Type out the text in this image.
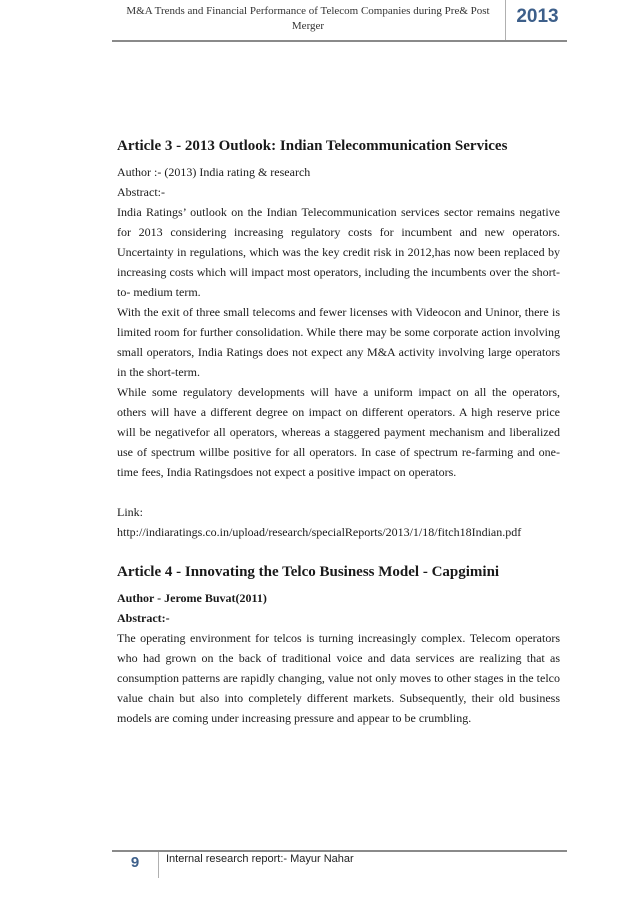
M&A Trends and Financial Performance of Telecom Companies during Pre& Post Merger	2013
Article 3 - 2013 Outlook: Indian Telecommunication Services

Author :- (2013) India rating & research

Abstract:-

India Ratings’ outlook on the Indian Telecommunication services sector remains negative for 2013 considering increasing regulatory costs for incumbent and new operators. Uncertainty in regulations, which was the key credit risk in 2012,has now been replaced by increasing costs which will impact most operators, including the incumbents over the short-to- medium term.

With the exit of three small telecoms and fewer licenses with Videocon and Uninor, there is limited room for further consolidation. While there may be some corporate action involving small operators, India Ratings does not expect any M&A activity involving large operators in the short-term.

While some regulatory developments will have a uniform impact on all the operators, others will have a different degree on impact on different operators. A high reserve price will be negativefor all operators, whereas a staggered payment mechanism and liberalized use of spectrum willbe positive for all operators. In case of spectrum re-farming and one-time fees, India Ratingsdoes not expect a positive impact on operators.

Link:

http://indiaratings.co.in/upload/research/specialReports/2013/1/18/fitch18Indian.pdf

Article 4 - Innovating the Telco Business Model - Capgimini

Author - Jerome Buvat(2011)

Abstract:-

The operating environment for telcos is turning increasingly complex. Telecom operators who had grown on the back of traditional voice and data services are realizing that as consumption patterns are rapidly changing, value not only moves to other stages in the telco value chain but also into completely different markets. Subsequently, their old business models are coming under increasing pressure and appear to be crumbling.

9	Internal research report:- Mayur Nahar
